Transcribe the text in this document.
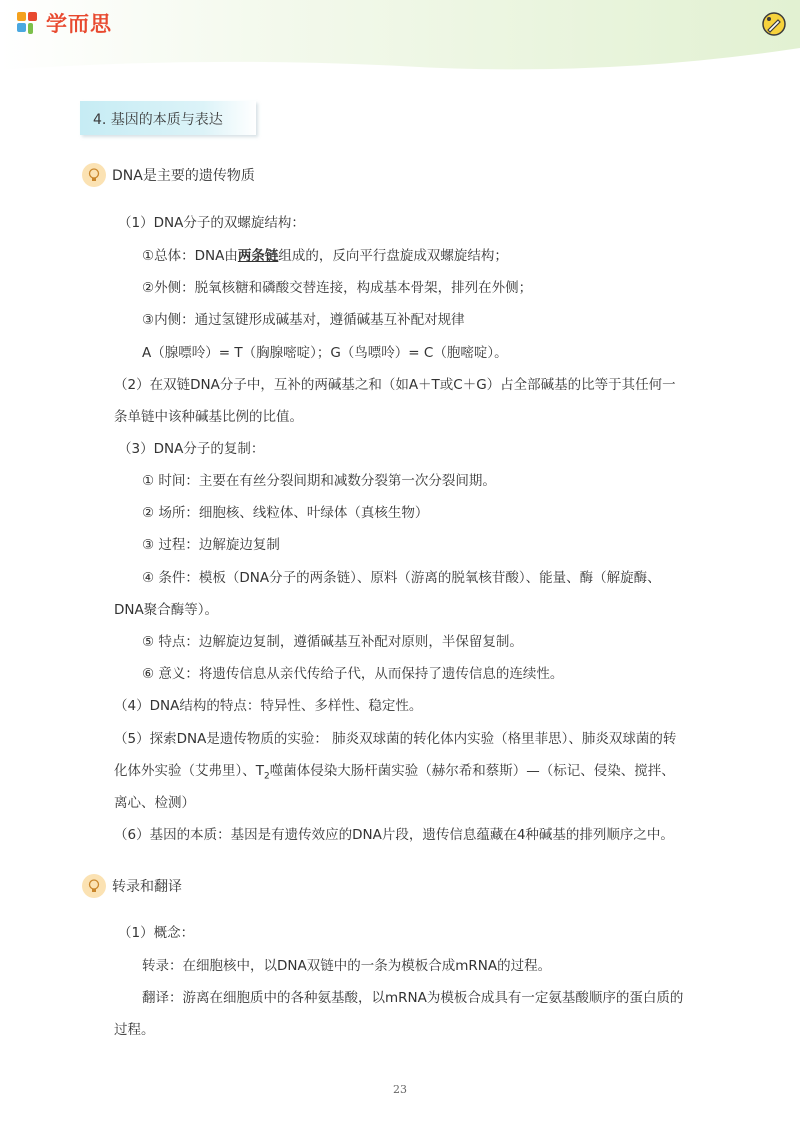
学而思
4. 基因的本质与表达
DNA是主要的遗传物质
（1）DNA分子的双螺旋结构：
①总体：DNA由两条链组成的，反向平行盘旋成双螺旋结构；
②外侧：脱氧核糖和磷酸交替连接，构成基本骨架，排列在外侧；
③内侧：通过氢键形成碱基对，遵循碱基互补配对规律
A（腺嘌呤）= T（胸腺嘧啶）；G（鸟嘌呤）= C（胞嘧啶）。
（2）在双链DNA分子中，互补的两碱基之和（如A＋T或C＋G）占全部碱基的比等于其任何一
条单链中该种碱基比例的比值。
（3）DNA分子的复制：
① 时间：主要在有丝分裂间期和减数分裂第一次分裂间期。
② 场所：细胞核、线粒体、叶绿体（真核生物）
③ 过程：边解旋边复制
④ 条件：模板（DNA分子的两条链）、原料（游离的脱氧核苷酸）、能量、酶（解旋酶、
DNA聚合酶等）。
⑤ 特点：边解旋边复制，遵循碱基互补配对原则，半保留复制。
⑥ 意义：将遗传信息从亲代传给子代，从而保持了遗传信息的连续性。
（4）DNA结构的特点：特异性、多样性、稳定性。
（5）探索DNA是遗传物质的实验： 肺炎双球菌的转化体内实验（格里菲思）、肺炎双球菌的转
化体外实验（艾弗里）、$T_2$噬菌体侵染大肠杆菌实验（赫尔希和蔡斯）—（标记、侵染、搅拌、
离心、检测）
（6）基因的本质：基因是有遗传效应的DNA片段，遗传信息蕴藏在4种碱基的排列顺序之中。
转录和翻译
（1）概念：
转录：在细胞核中，以DNA双链中的一条为模板合成mRNA的过程。
翻译：游离在细胞质中的各种氨基酸，以mRNA为模板合成具有一定氨基酸顺序的蛋白质的
过程。
23
